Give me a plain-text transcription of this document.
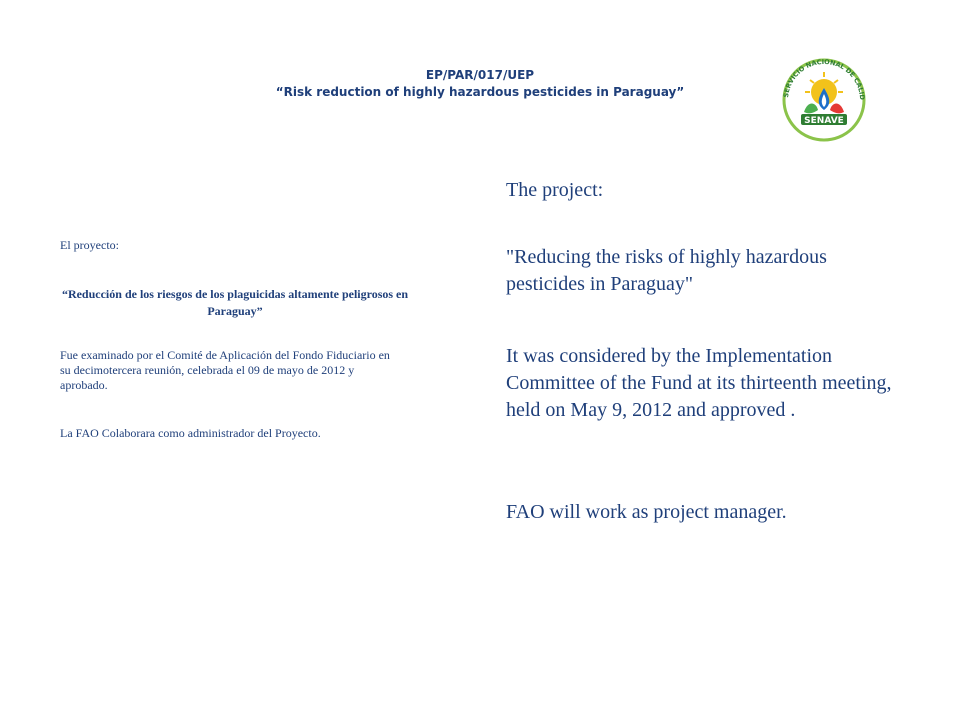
EP/PAR/017/UEP
“Risk reduction of highly hazardous pesticides in Paraguay”	SERVICIO NACIONAL DE CALID
SENAVE

El proyecto:

“Reducción de los riesgos de los plaguicidas altamente peligrosos en Paraguay”

Fue examinado por el Comité de Aplicación del Fondo Fiduciario en su decimotercera reunión, celebrada el 09 de mayo de 2012 y aprobado.

La FAO Colaborara como administrador del Proyecto.

The project:

"Reducing the risks of highly hazardous pesticides in Paraguay"

It was considered by the Implementation Committee of the Fund at its thirteenth meeting, held on May 9, 2012 and approved .

FAO will work as project manager.
